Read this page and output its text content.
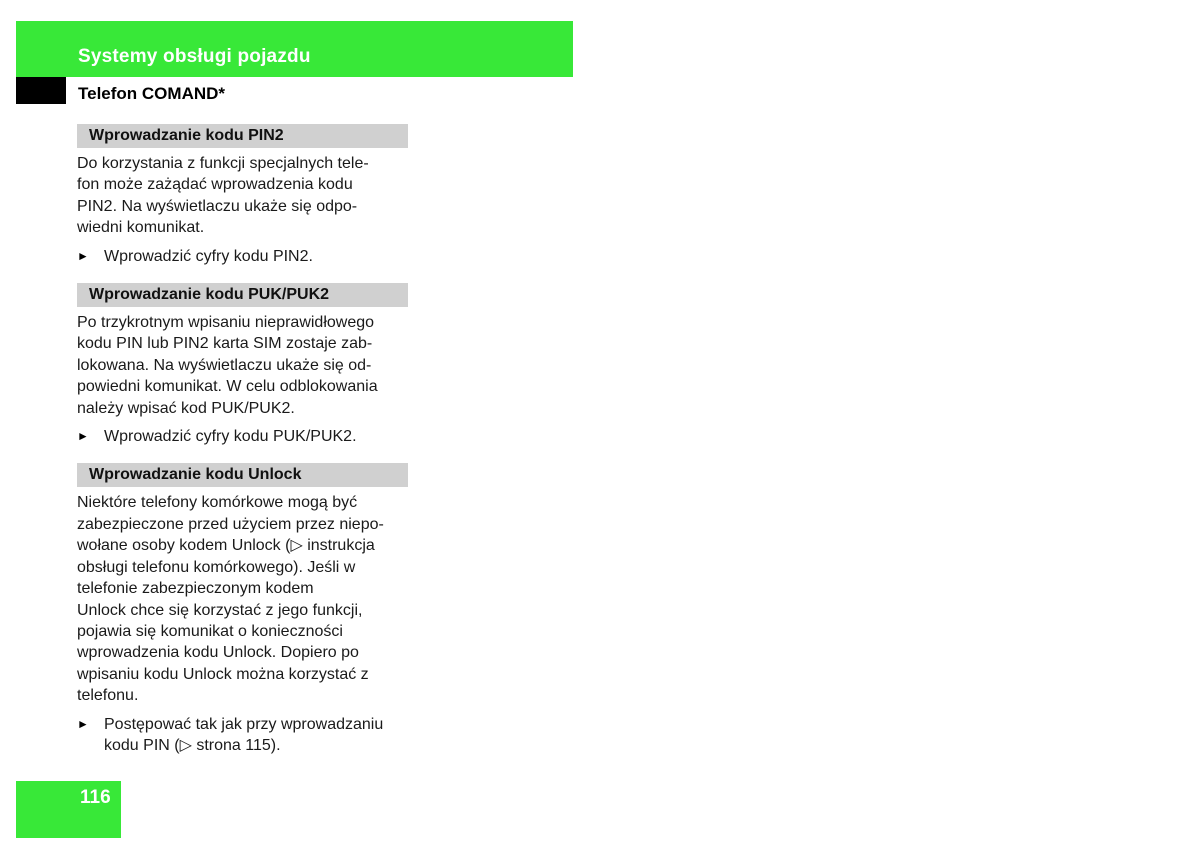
Systemy obsługi pojazdu
Telefon COMAND*
Wprowadzanie kodu PIN2

Do korzystania z funkcji specjalnych tele-
fon może zażądać wprowadzenia kodu
PIN2. Na wyświetlaczu ukaże się odpo-
wiedni komunikat.

► Wprowadzić cyfry kodu PIN2.
Wprowadzanie kodu PUK/PUK2

Po trzykrotnym wpisaniu nieprawidłowego
kodu PIN lub PIN2 karta SIM zostaje zab-
lokowana. Na wyświetlaczu ukaże się od-
powiedni komunikat. W celu odblokowania
należy wpisać kod PUK/PUK2.

► Wprowadzić cyfry kodu PUK/PUK2.
Wprowadzanie kodu Unlock

Niektóre telefony komórkowe mogą być
zabezpieczone przed użyciem przez niepo-
wołane osoby kodem Unlock (▷ instrukcja
obsługi telefonu komórkowego). Jeśli w
telefonie zabezpieczonym kodem
Unlock chce się korzystać z jego funkcji,
pojawia się komunikat o konieczności
wprowadzenia kodu Unlock. Dopiero po
wpisaniu kodu Unlock można korzystać z
telefonu.

► Postępować tak jak przy wprowadzaniu
kodu PIN (▷ strona 115).
116
